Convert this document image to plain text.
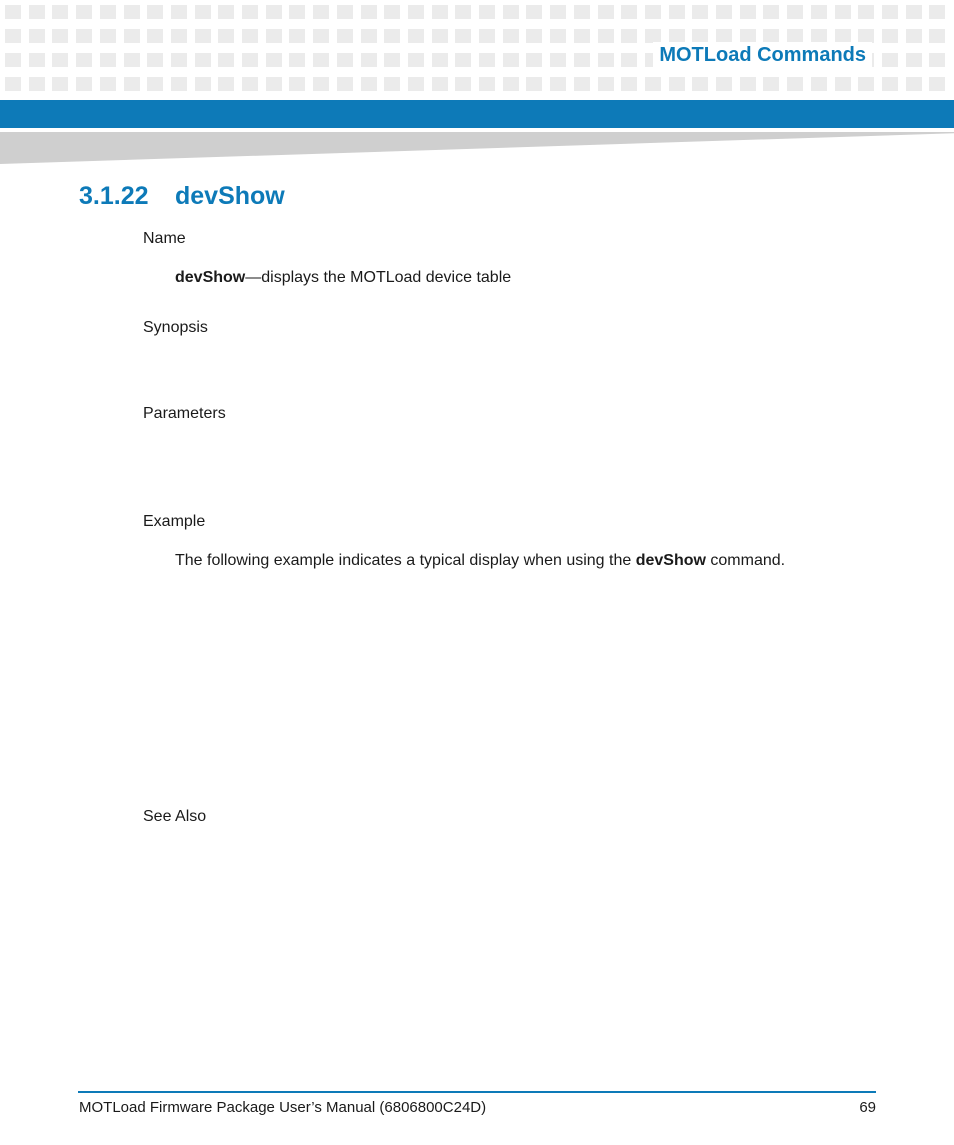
MOTLoad Commands
3.1.22 devShow
Name
devShow—displays the MOTLoad device table
Synopsis
Parameters
Example
The following example indicates a typical display when using the devShow command.
See Also
MOTLoad Firmware Package User’s Manual (6806800C24D)	69
